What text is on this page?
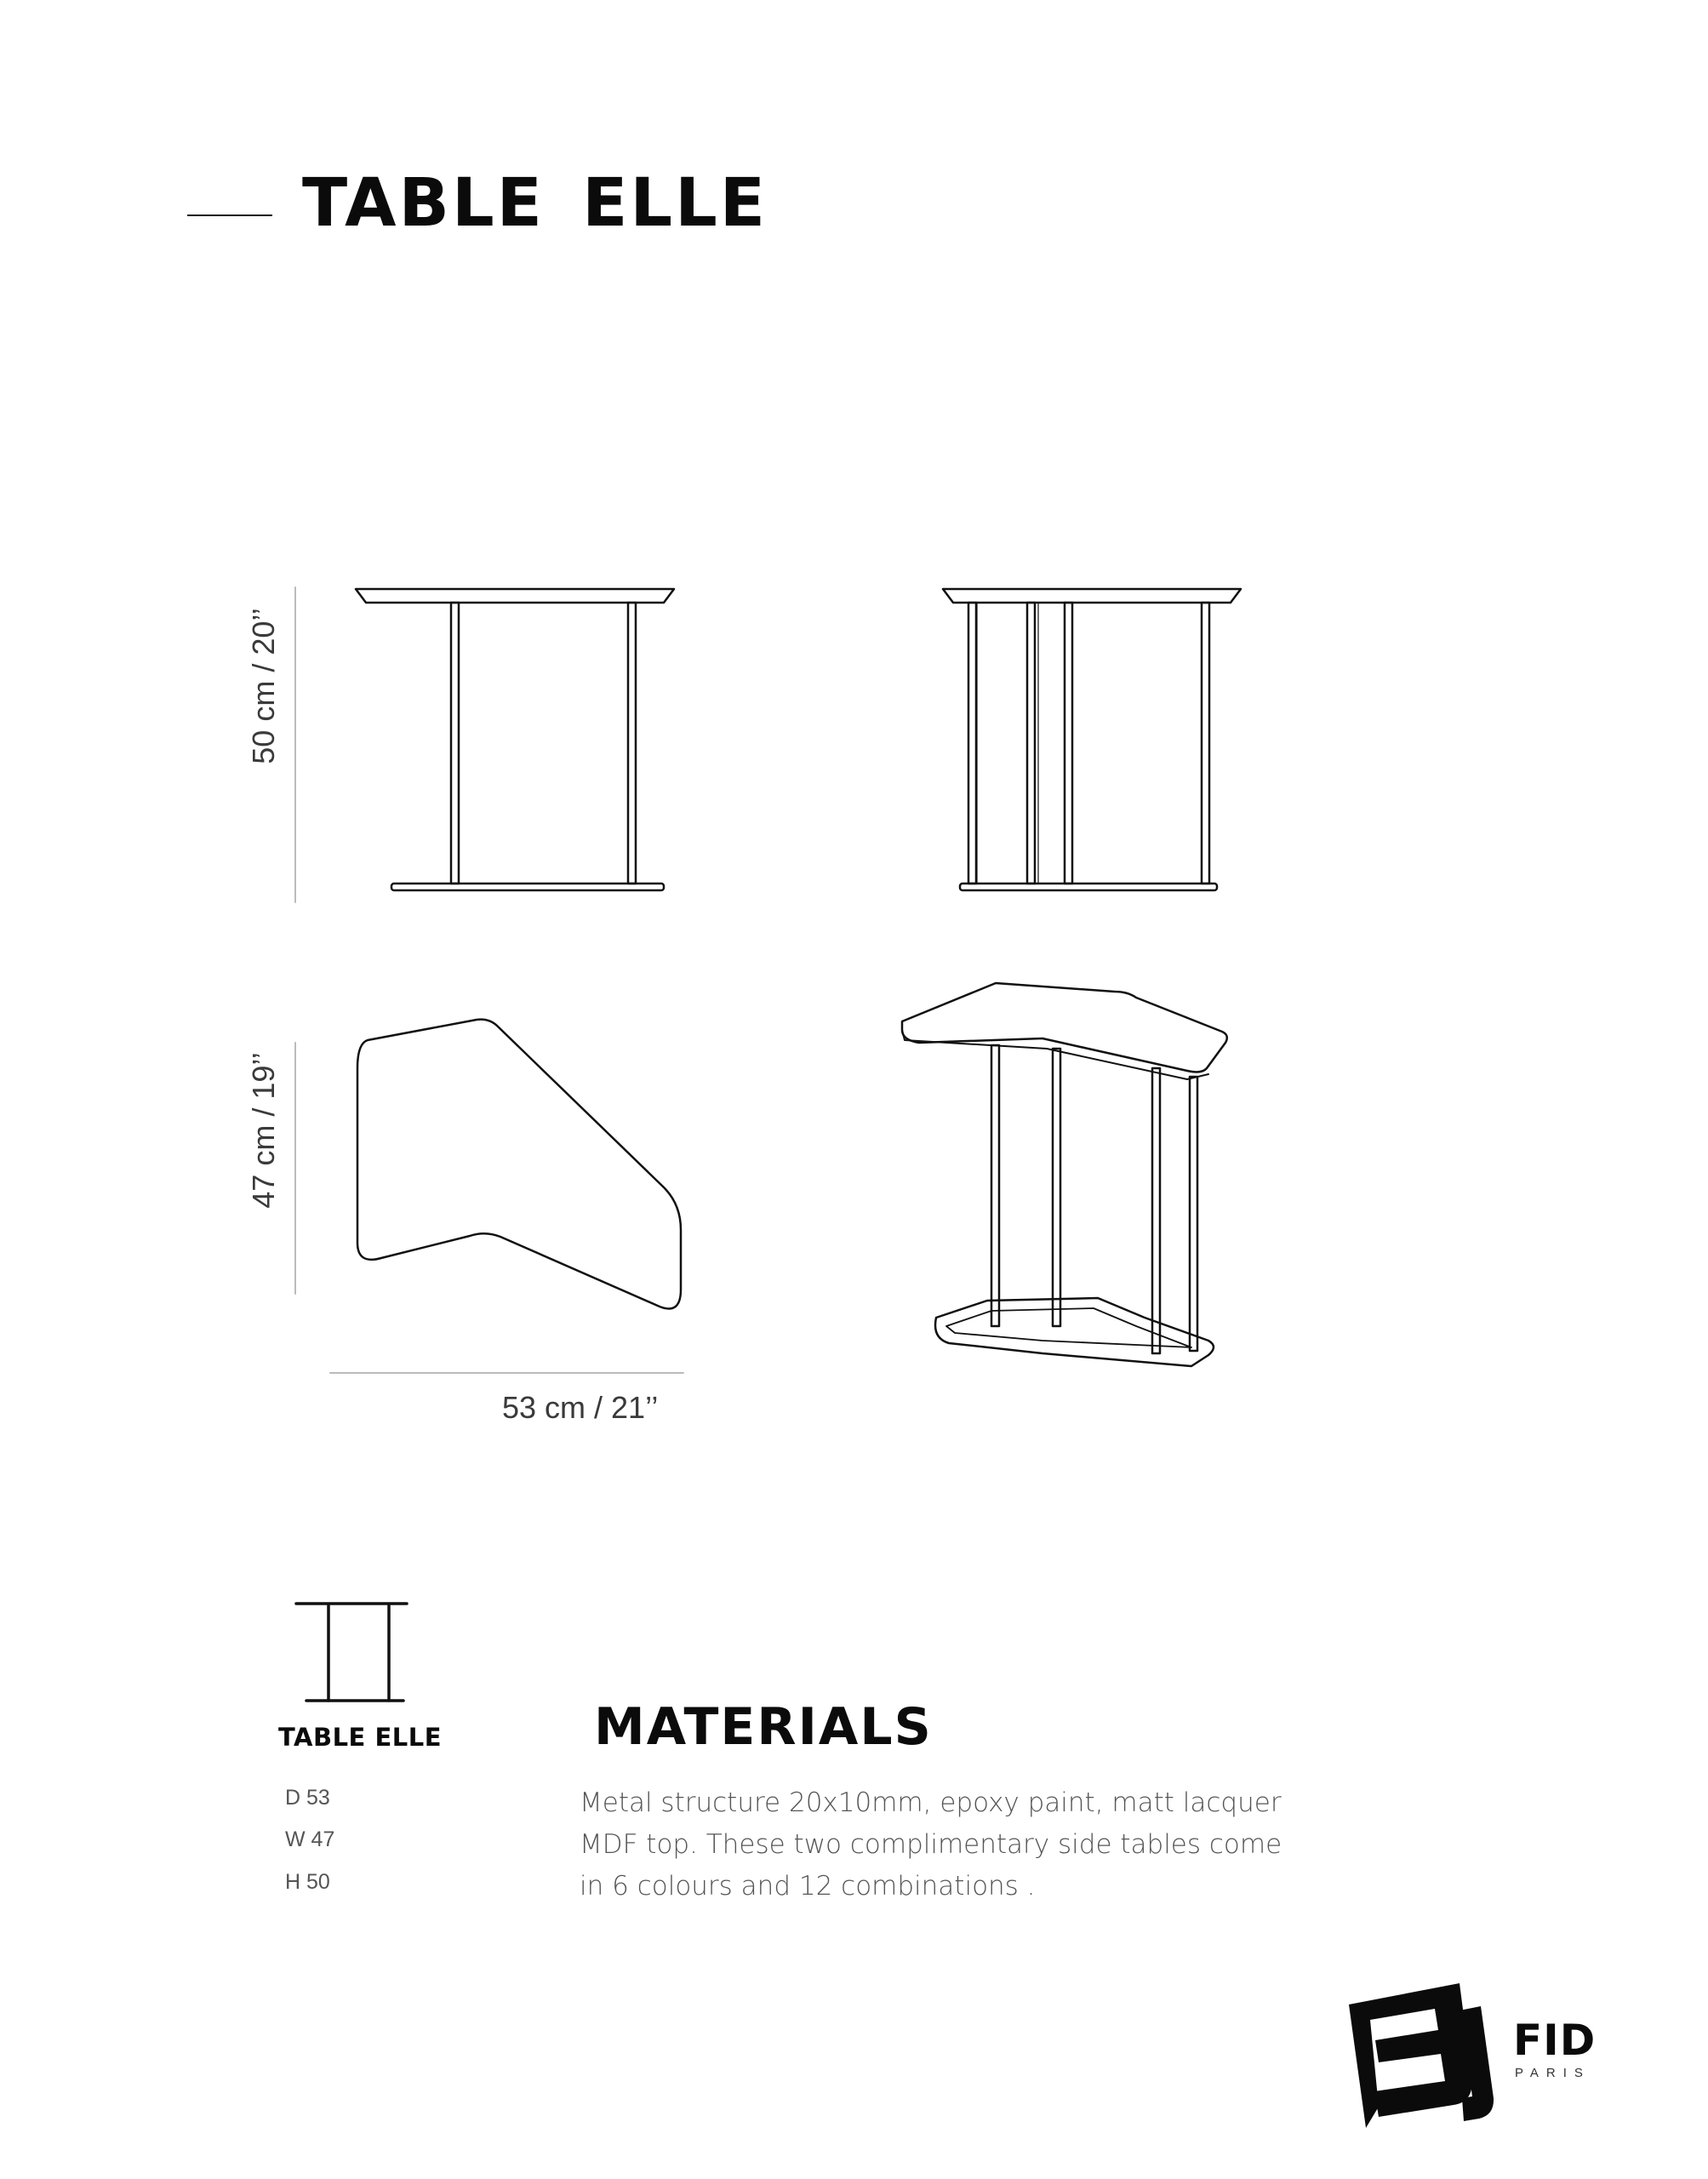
TABLE ELLE
50 cm / 20’’
47 cm / 19’’
53 cm / 21’’
TABLE ELLE
D 53
W 47
H 50
MATERIALS
Metal structure 20x10mm, epoxy paint, matt lacquer
MDF top. These two complimentary side tables come
in 6 colours and 12 combinations .
FID
PARIS
